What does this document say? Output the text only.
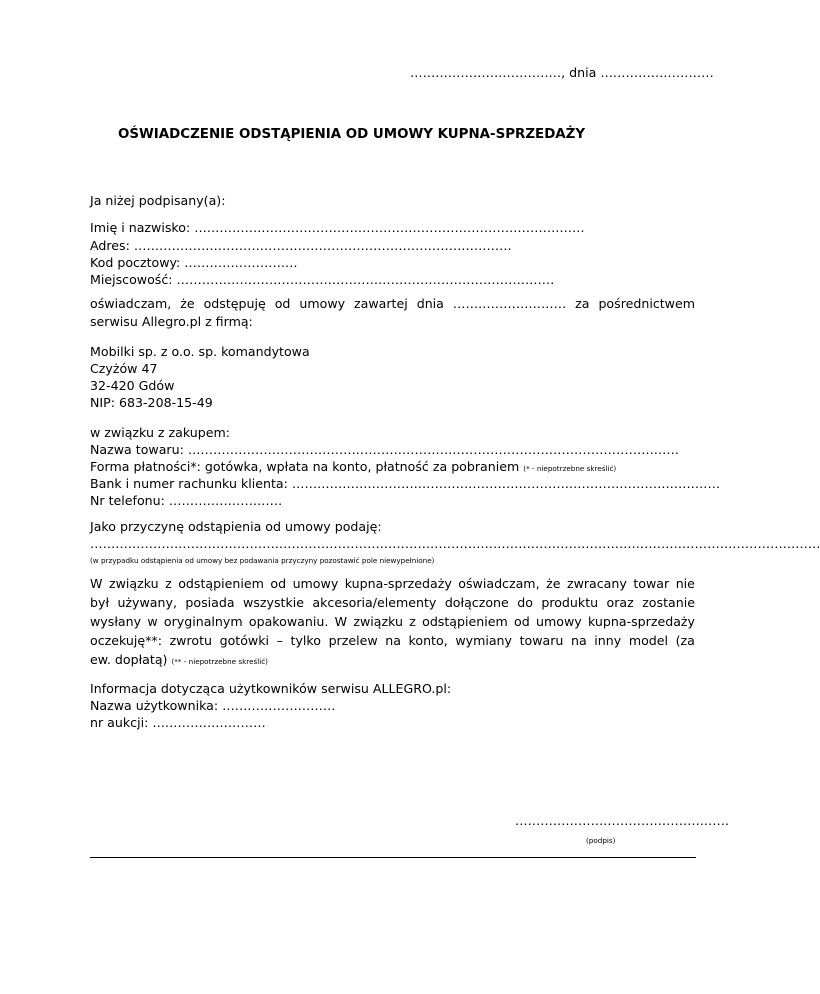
………………………………, dnia ………………………
OŚWIADCZENIE ODSTĄPIENIA OD UMOWY KUPNA-SPRZEDAŻY
Ja niżej podpisany(a):
Imię i nazwisko: …………………………………………………………………………………
Adres: ………………………………………………………………………………
Kod pocztowy: ………………………
Miejscowość: ………………………………………………………………………………
oświadczam, że odstępuję od umowy zawartej dnia ……………………… za pośrednictwem
serwisu Allegro.pl z firmą:
Mobilki sp. z o.o. sp. komandytowa
Czyżów 47
32-420 Gdów
NIP: 683-208-15-49
w związku z zakupem:
Nazwa towaru: ………………………………………………………………………………………………………
Forma płatności*: gotówka, wpłata na konto, płatność za pobraniem (* - niepotrzebne skreślić)
Bank i numer rachunku klienta: …………………………………………………………………………………………
Nr telefonu: ………………………
Jako przyczynę odstąpienia od umowy podaję:
…………………………………………………………………………………………………………………………………………………………
(w przypadku odstąpienia od umowy bez podawania przyczyny pozostawić pole niewypełnione)
W związku z odstąpieniem od umowy kupna-sprzedaży oświadczam, że zwracany towar nie
był używany, posiada wszystkie akcesoria/elementy dołączone do produktu oraz zostanie
wysłany w oryginalnym opakowaniu. W związku z odstąpieniem od umowy kupna-sprzedaży
oczekuję**: zwrotu gotówki – tylko przelew na konto, wymiany towaru na inny model (za
ew. dopłatą) (** - niepotrzebne skreślić)
Informacja dotycząca użytkowników serwisu ALLEGRO.pl:
Nazwa użytkownika: ………………………
nr aukcji: ………………………
……………………………………………
(podpis)
